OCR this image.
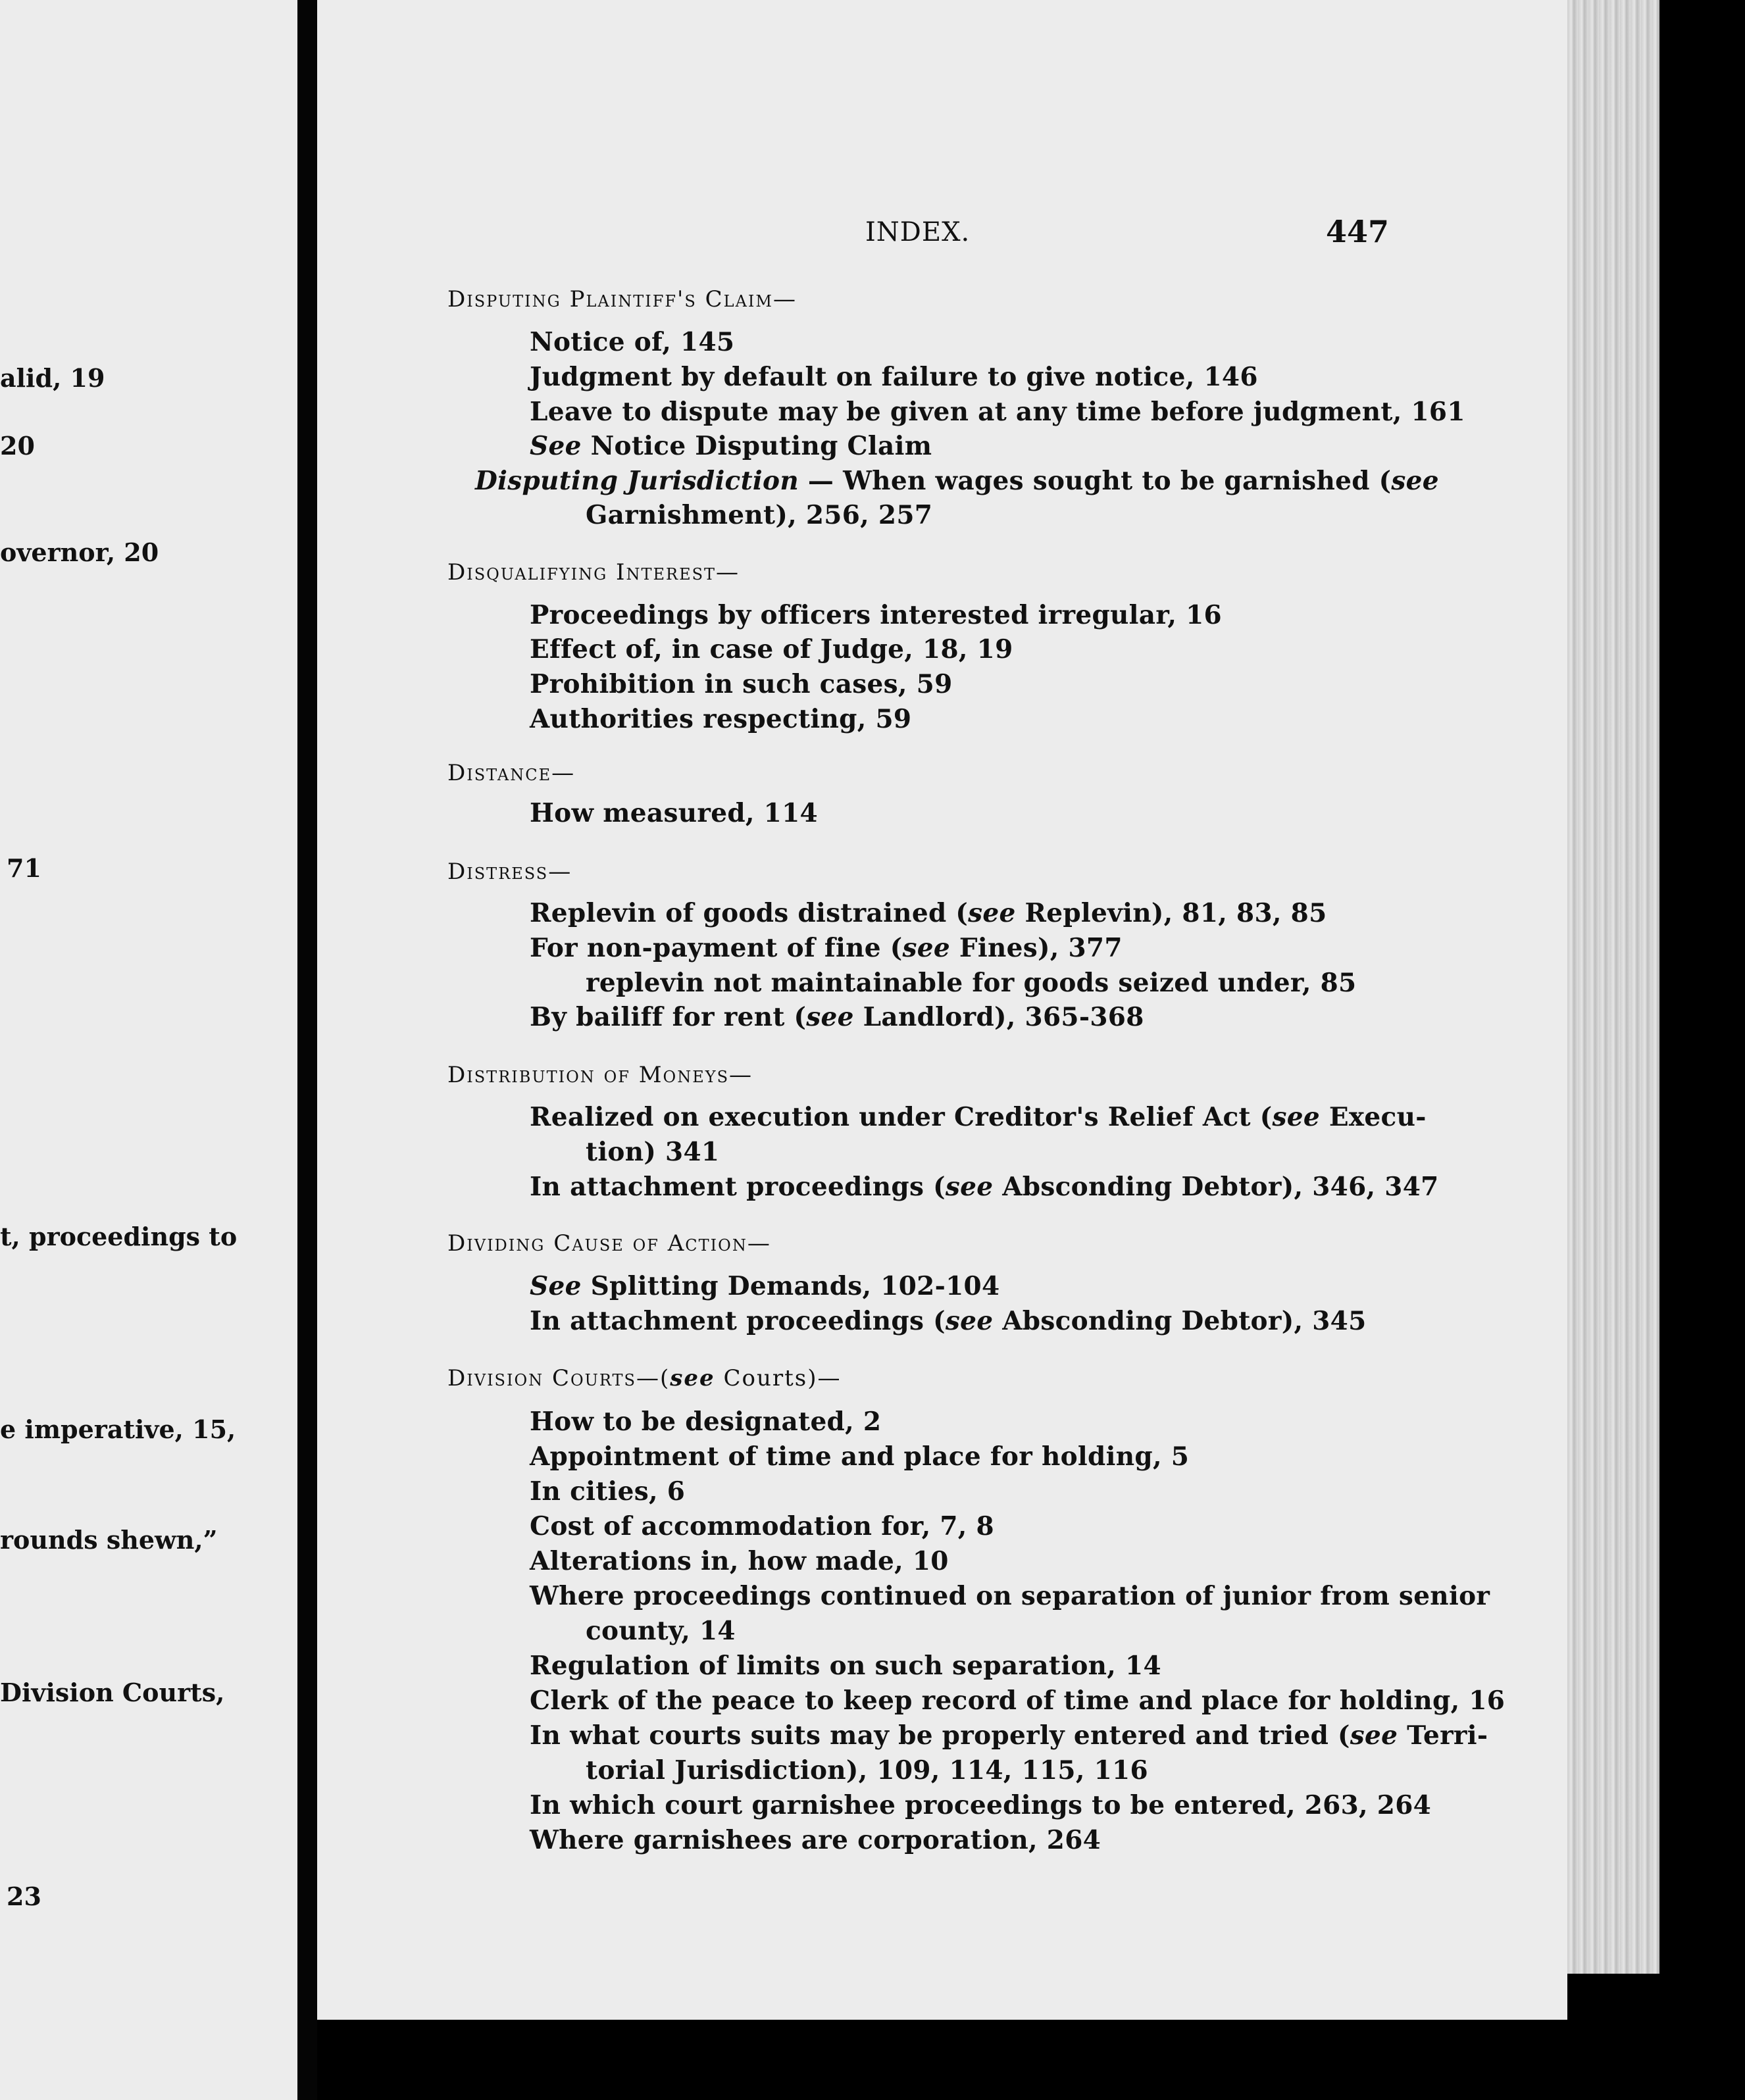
alid, 19
20
overnor, 20
71
t, proceedings to
e imperative, 15,
rounds shewn,”
Division Courts,
23
INDEX.	447
Disputing Plaintiff's Claim—
Notice of, 145
Judgment by default on failure to give notice, 146
Leave to dispute may be given at any time before judgment, 161
See Notice Disputing Claim
Disputing Jurisdiction — When wages sought to be garnished (see
Garnishment), 256, 257
Disqualifying Interest—
Proceedings by officers interested irregular, 16
Effect of, in case of Judge, 18, 19
Prohibition in such cases, 59
Authorities respecting, 59
Distance—
How measured, 114
Distress—
Replevin of goods distrained (see Replevin), 81, 83, 85
For non-payment of fine (see Fines), 377
replevin not maintainable for goods seized under, 85
By bailiff for rent (see Landlord), 365-368
Distribution of Moneys—
Realized on execution under Creditor's Relief Act (see Execu-
tion) 341
In attachment proceedings (see Absconding Debtor), 346, 347
Dividing Cause of Action—
See Splitting Demands, 102-104
In attachment proceedings (see Absconding Debtor), 345
Division Courts—(see Courts)—
How to be designated, 2
Appointment of time and place for holding, 5
In cities, 6
Cost of accommodation for, 7, 8
Alterations in, how made, 10
Where proceedings continued on separation of junior from senior
county, 14
Regulation of limits on such separation, 14
Clerk of the peace to keep record of time and place for holding, 16
In what courts suits may be properly entered and tried (see Terri-
torial Jurisdiction), 109, 114, 115, 116
In which court garnishee proceedings to be entered, 263, 264
Where garnishees are corporation, 264
